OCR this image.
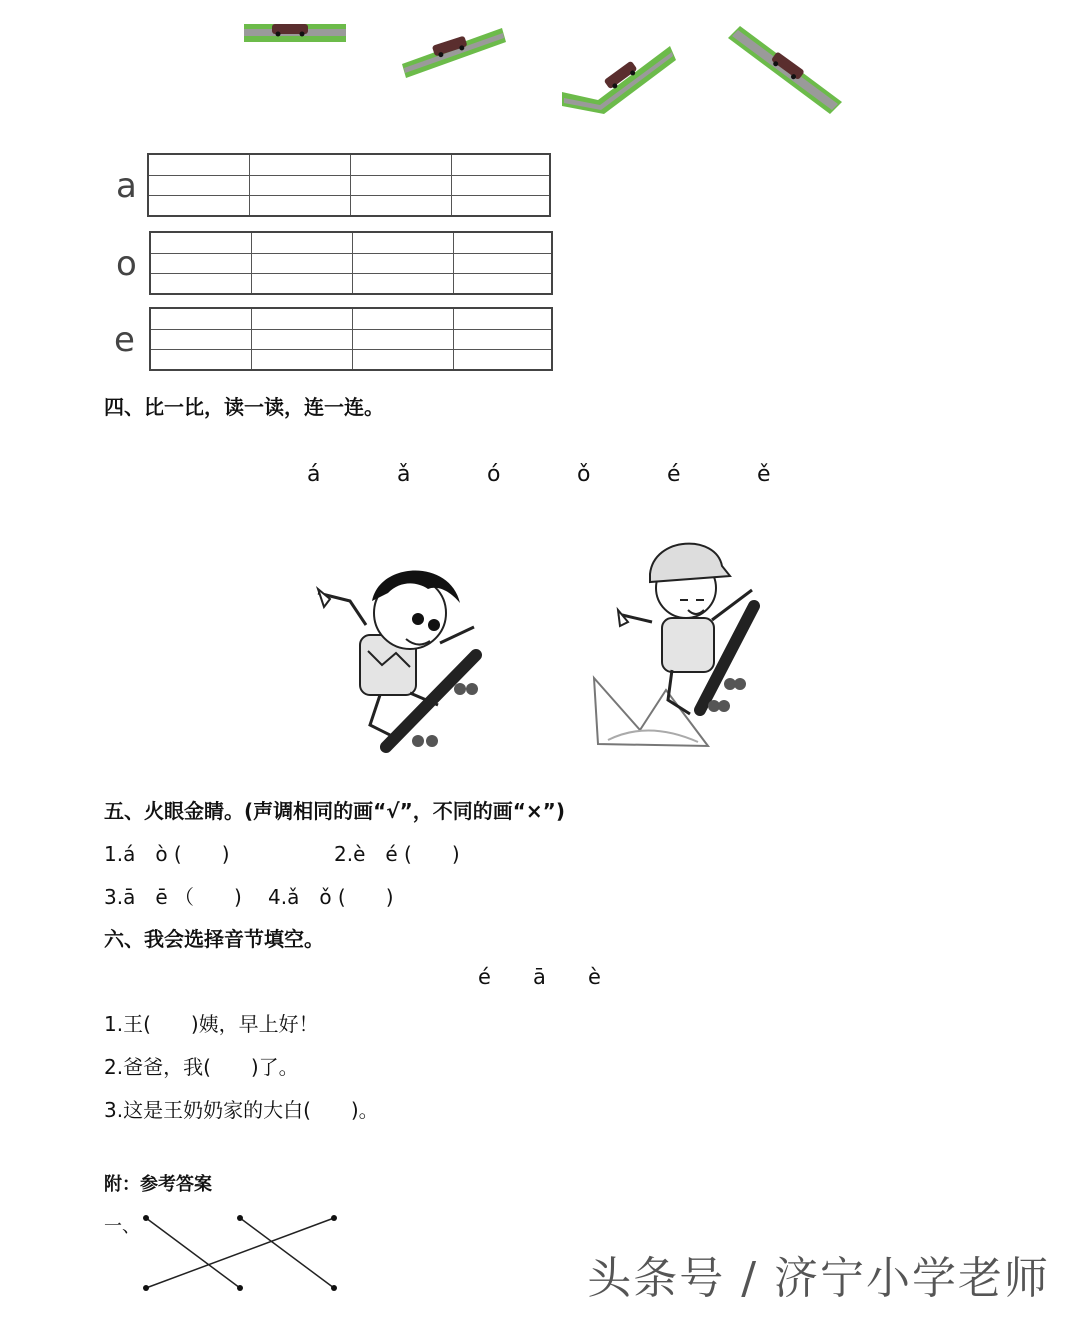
a
o
e
四、比一比，读一读，连一连。
á	ǎ	ó	ǒ	é	ě
五、火眼金睛。(声调相同的画“√”，不同的画“×”)
1.á　ò (　　)	2.è　é (　　)
3.ā　ē （　　) 4.ǎ　ǒ (　　)
六、我会选择音节填空。
é ā è
1.王(　　)姨，早上好！
2.爸爸，我(　　)了。
3.这是王奶奶家的大白(　　)。
附：参考答案
一、
头条号 / 济宁小学老师
